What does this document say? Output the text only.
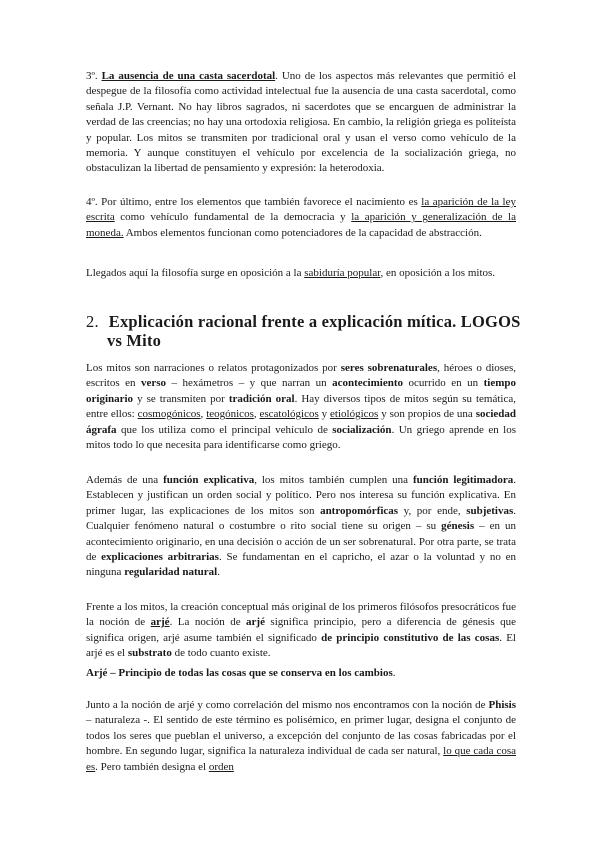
3º. La ausencia de una casta sacerdotal. Uno de los aspectos más relevantes que permitió el despegue de la filosofía como actividad intelectual fue la ausencia de una casta sacerdotal, como señala J.P. Vernant. No hay libros sagrados, ni sacerdotes que se encarguen de administrar la verdad de las creencias; no hay una ortodoxia religiosa. En cambio, la religión griega es politeísta y popular. Los mitos se transmiten por tradicional oral y usan el verso como vehículo de la memoria. Y aunque constituyen el vehículo por excelencia de la socialización griega, no obstaculizan la libertad de pensamiento y expresión: la heterodoxia.

4º. Por último, entre los elementos que también favorece el nacimiento es la aparición de la ley escrita como vehículo fundamental de la democracia y la aparición y generalización de la moneda. Ambos elementos funcionan como potenciadores de la capacidad de abstracción.

Llegados aquí la filosofía surge en oposición a la sabiduría popular, en oposición a los mitos.

2. Explicación racional frente a explicación mítica. LOGOS
vs Mito

Los mitos son narraciones o relatos protagonizados por seres sobrenaturales, héroes o dioses, escritos en verso – hexámetros – y que narran un acontecimiento ocurrido en un tiempo originario y se transmiten por tradición oral. Hay diversos tipos de mitos según su temática, entre ellos: cosmogónicos, teogónicos, escatológicos y etiológicos y son propios de una sociedad ágrafa que los utiliza como el principal vehículo de socialización. Un griego aprende en los mitos todo lo que necesita para identificarse como griego.

Además de una función explicativa, los mitos también cumplen una función legitimadora. Establecen y justifican un orden social y político. Pero nos interesa su función explicativa. En primer lugar, las explicaciones de los mitos son antropomórficas y, por ende, subjetivas. Cualquier fenómeno natural o costumbre o rito social tiene su origen – su génesis – en un acontecimiento originario, en una decisión o acción de un ser sobrenatural. Por otra parte, se trata de explicaciones arbitrarias. Se fundamentan en el capricho, el azar o la voluntad y no en ninguna regularidad natural.

Frente a los mitos, la creación conceptual más original de los primeros filósofos presocráticos fue la noción de arjé. La noción de arjé significa principio, pero a diferencia de génesis que significa origen, arjé asume también el significado de principio constitutivo de las cosas. El arjé es el substrato de todo cuanto existe.

Arjé – Principio de todas las cosas que se conserva en los cambios.

Junto a la noción de arjé y como correlación del mismo nos encontramos con la noción de Phisis – naturaleza -. El sentido de este término es polisémico, en primer lugar, designa el conjunto de todos los seres que pueblan el universo, a excepción del conjunto de las cosas fabricadas por el hombre. En segundo lugar, significa la naturaleza individual de cada ser natural, lo que cada cosa es. Pero también designa el orden
